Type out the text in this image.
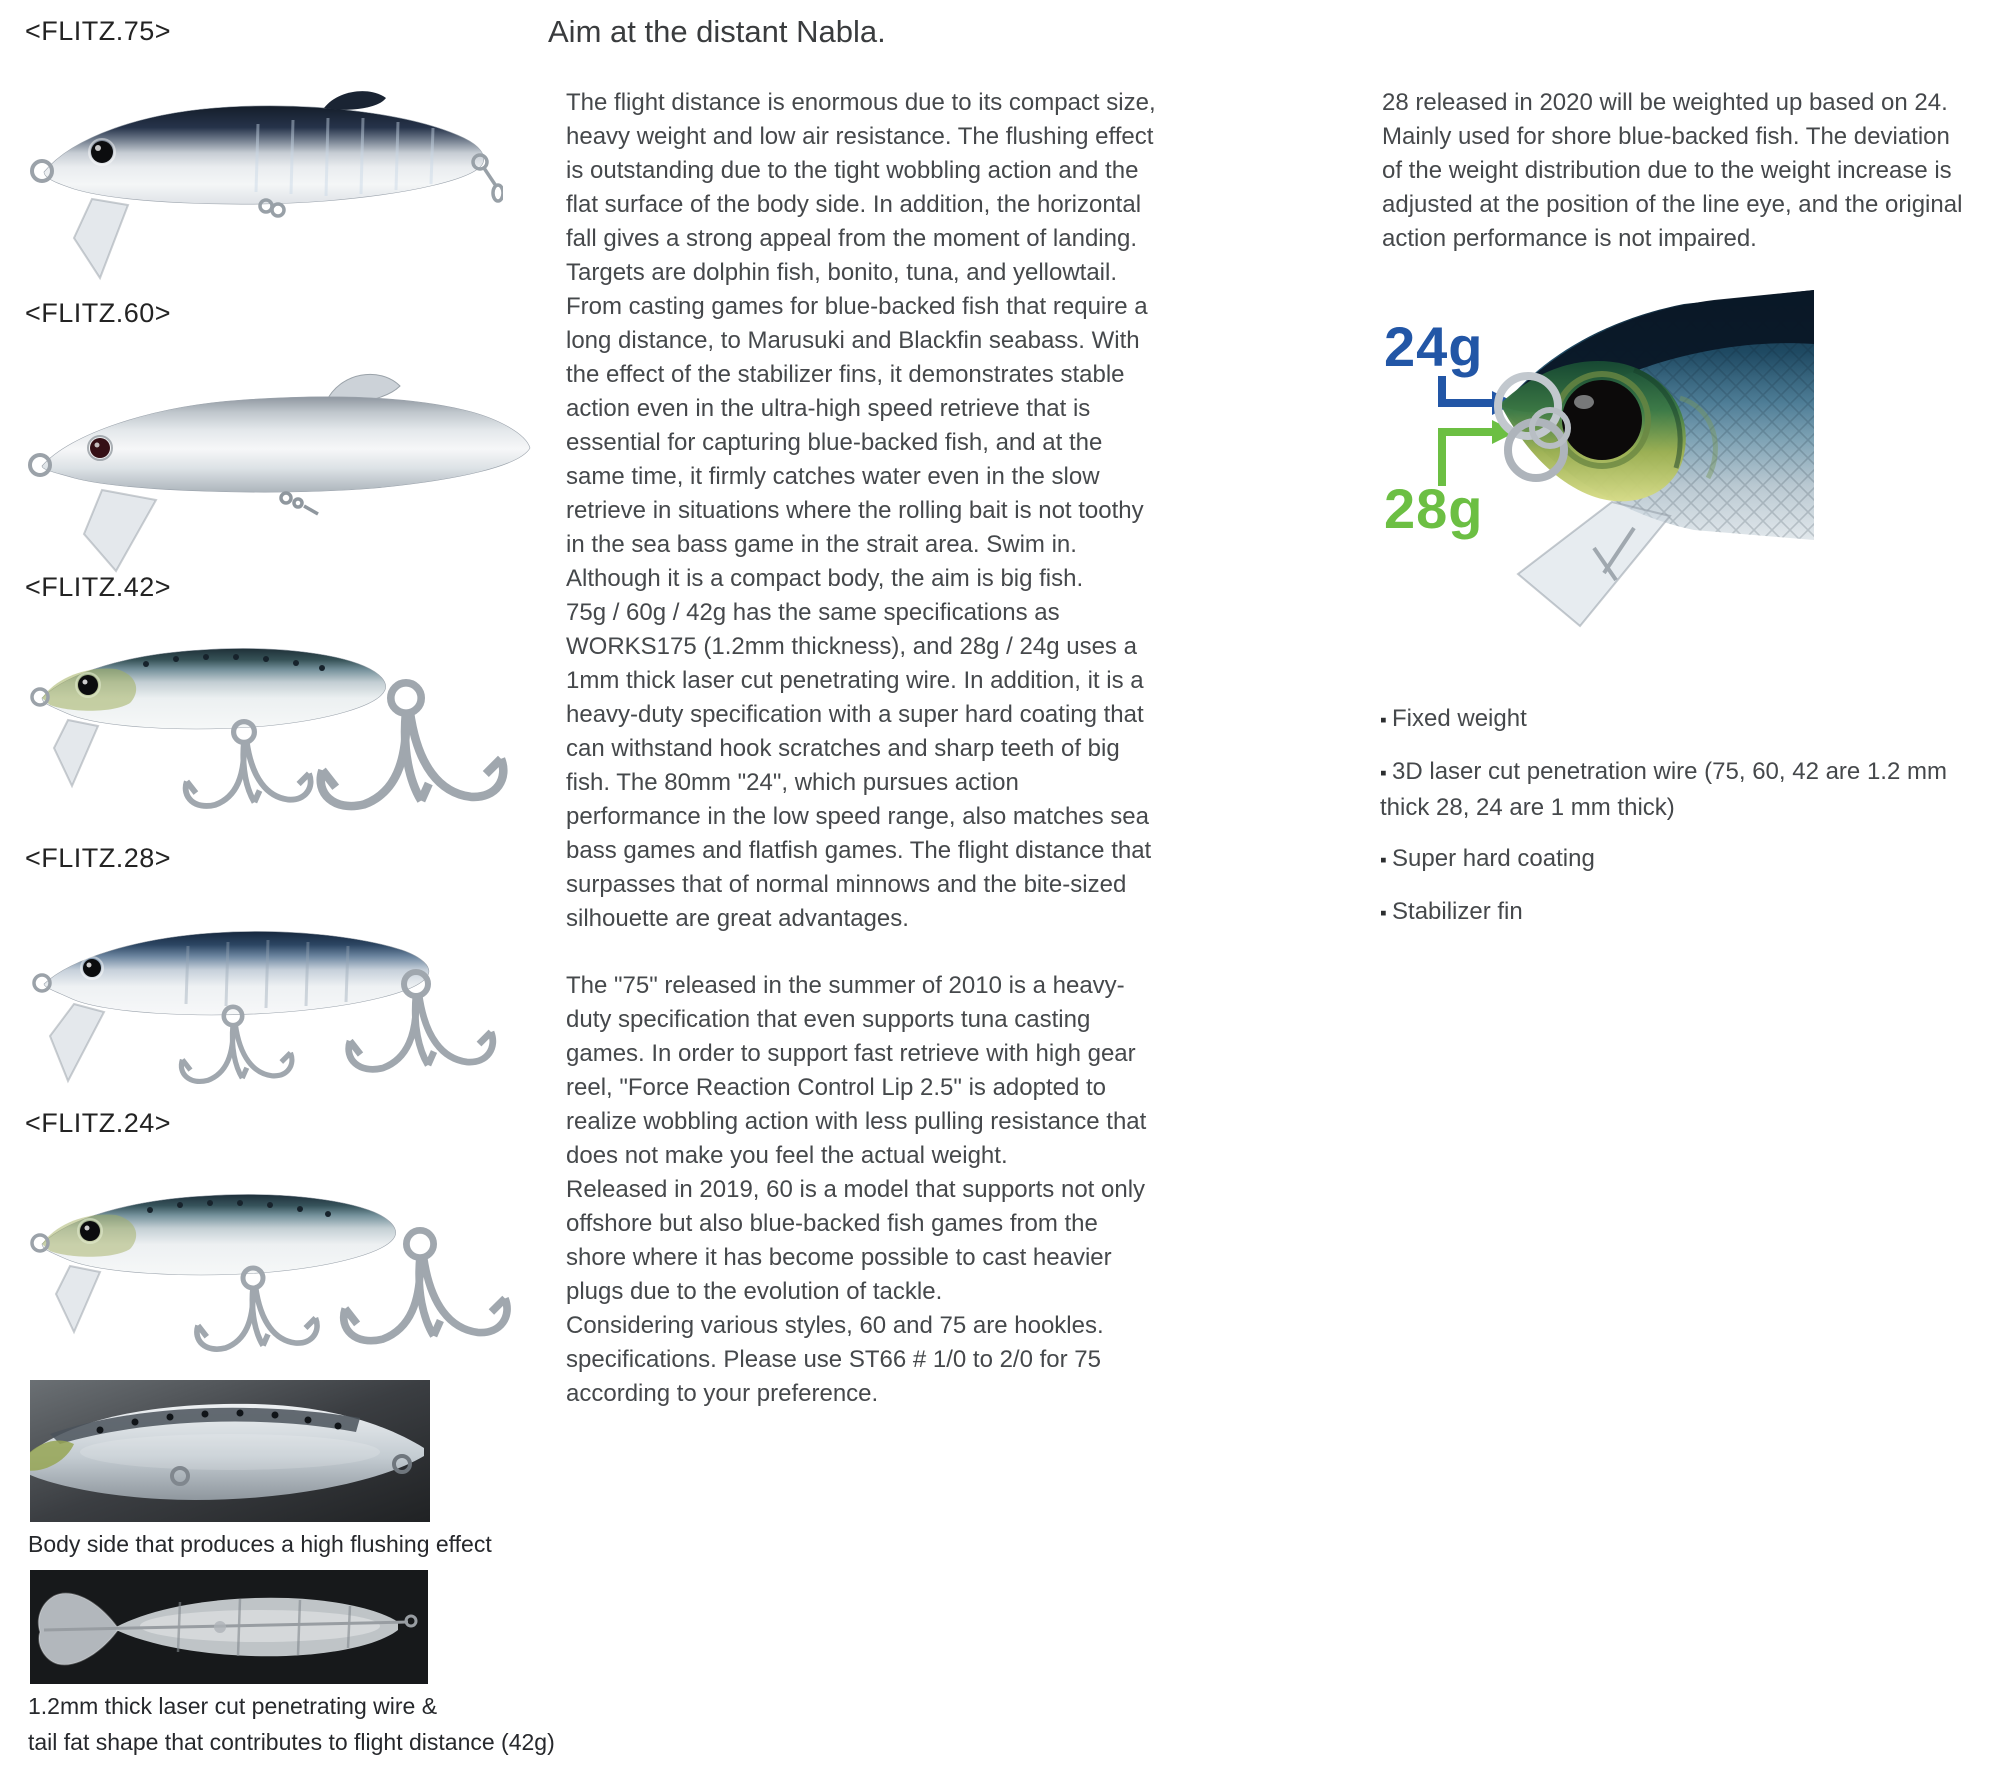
<FLITZ.75>
<FLITZ.60>
<FLITZ.42>
<FLITZ.28>
<FLITZ.24>
Body side that produces a high flushing effect
1.2mm thick laser cut penetrating wire &
tail fat shape that contributes to flight distance (42g)
Aim at the distant Nabla.
The flight distance is enormous due to its compact size,
heavy weight and low air resistance. The flushing effect
is outstanding due to the tight wobbling action and the
flat surface of the body side. In addition, the horizontal
fall gives a strong appeal from the moment of landing.
Targets are dolphin fish, bonito, tuna, and yellowtail.
From casting games for blue-backed fish that require a
long distance, to Marusuki and Blackfin seabass. With
the effect of the stabilizer fins, it demonstrates stable
action even in the ultra-high speed retrieve that is
essential for capturing blue-backed fish, and at the
same time, it firmly catches water even in the slow
retrieve in situations where the rolling bait is not toothy
in the sea bass game in the strait area. Swim in.
Although it is a compact body, the aim is big fish.
75g / 60g / 42g has the same specifications as
WORKS175 (1.2mm thickness), and 28g / 24g uses a
1mm thick laser cut penetrating wire. In addition, it is a
heavy-duty specification with a super hard coating that
can withstand hook scratches and sharp teeth of big
fish. The 80mm "24", which pursues action
performance in the low speed range, also matches sea
bass games and flatfish games. The flight distance that
surpasses that of normal minnows and the bite-sized
silhouette are great advantages.
The "75" released in the summer of 2010 is a heavy-
duty specification that even supports tuna casting
games. In order to support fast retrieve with high gear
reel, "Force Reaction Control Lip 2.5" is adopted to
realize wobbling action with less pulling resistance that
does not make you feel the actual weight.
Released in 2019, 60 is a model that supports not only
offshore but also blue-backed fish games from the
shore where it has become possible to cast heavier
plugs due to the evolution of tackle.
Considering various styles, 60 and 75 are hookles.
specifications. Please use ST66 # 1/0 to 2/0 for 75
according to your preference.
28 released in 2020 will be weighted up based on 24.
Mainly used for shore blue-backed fish. The deviation
of the weight distribution due to the weight increase is
adjusted at the position of the line eye, and the original
action performance is not impaired.
24g
28g
▪ Fixed weight
▪ 3D laser cut penetration wire (75, 60, 42 are 1.2 mm
thick 28, 24 are 1 mm thick)
▪ Super hard coating
▪ Stabilizer fin
